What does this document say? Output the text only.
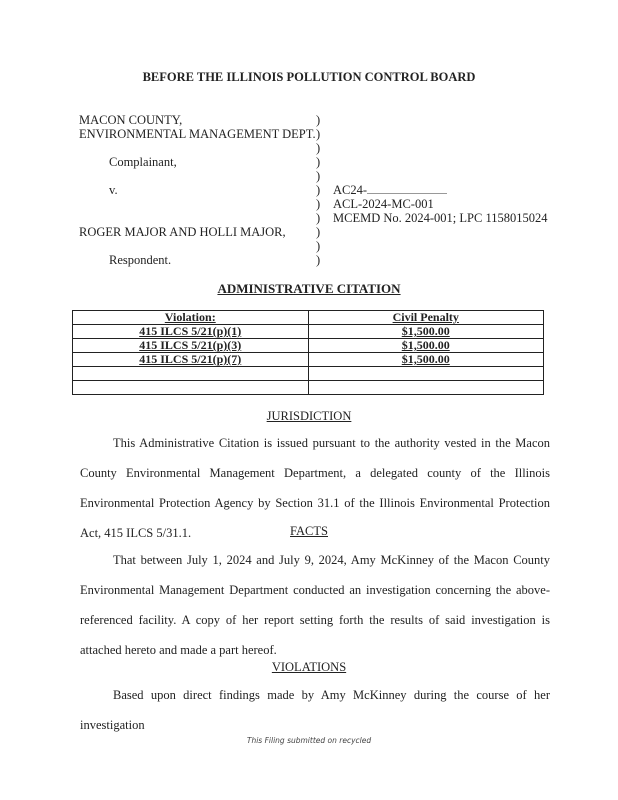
BEFORE THE ILLINOIS POLLUTION CONTROL BOARD
MACON COUNTY,	)
ENVIRONMENTAL MANAGEMENT DEPT. )
)
Complainant,	)
)
v.	) AC24-
) ACL-2024-MC-001
) MCEMD No. 2024-001; LPC 1158015024
ROGER MAJOR AND HOLLI MAJOR, )
)
Respondent.	)
ADMINISTRATIVE CITATION
Violation:	Civil Penalty
415 ILCS 5/21(p)(1)	$1,500.00
415 ILCS 5/21(p)(3)	$1,500.00
415 ILCS 5/21(p)(7)	$1,500.00

JURISDICTION
This Administrative Citation is issued pursuant to the authority vested in the Macon County Environmental Management Department, a delegated county of the Illinois Environmental Protection Agency by Section 31.1 of the Illinois Environmental Protection Act, 415 ILCS 5/31.1.	FACTS
That between July 1, 2024 and July 9, 2024, Amy McKinney of the Macon County Environmental Management Department conducted an investigation concerning the above-referenced facility. A copy of her report setting forth the results of said investigation is attached hereto and made a part hereof.
VIOLATIONS
Based upon direct findings made by Amy McKinney during the course of her investigation
This Filing submitted on recycled
